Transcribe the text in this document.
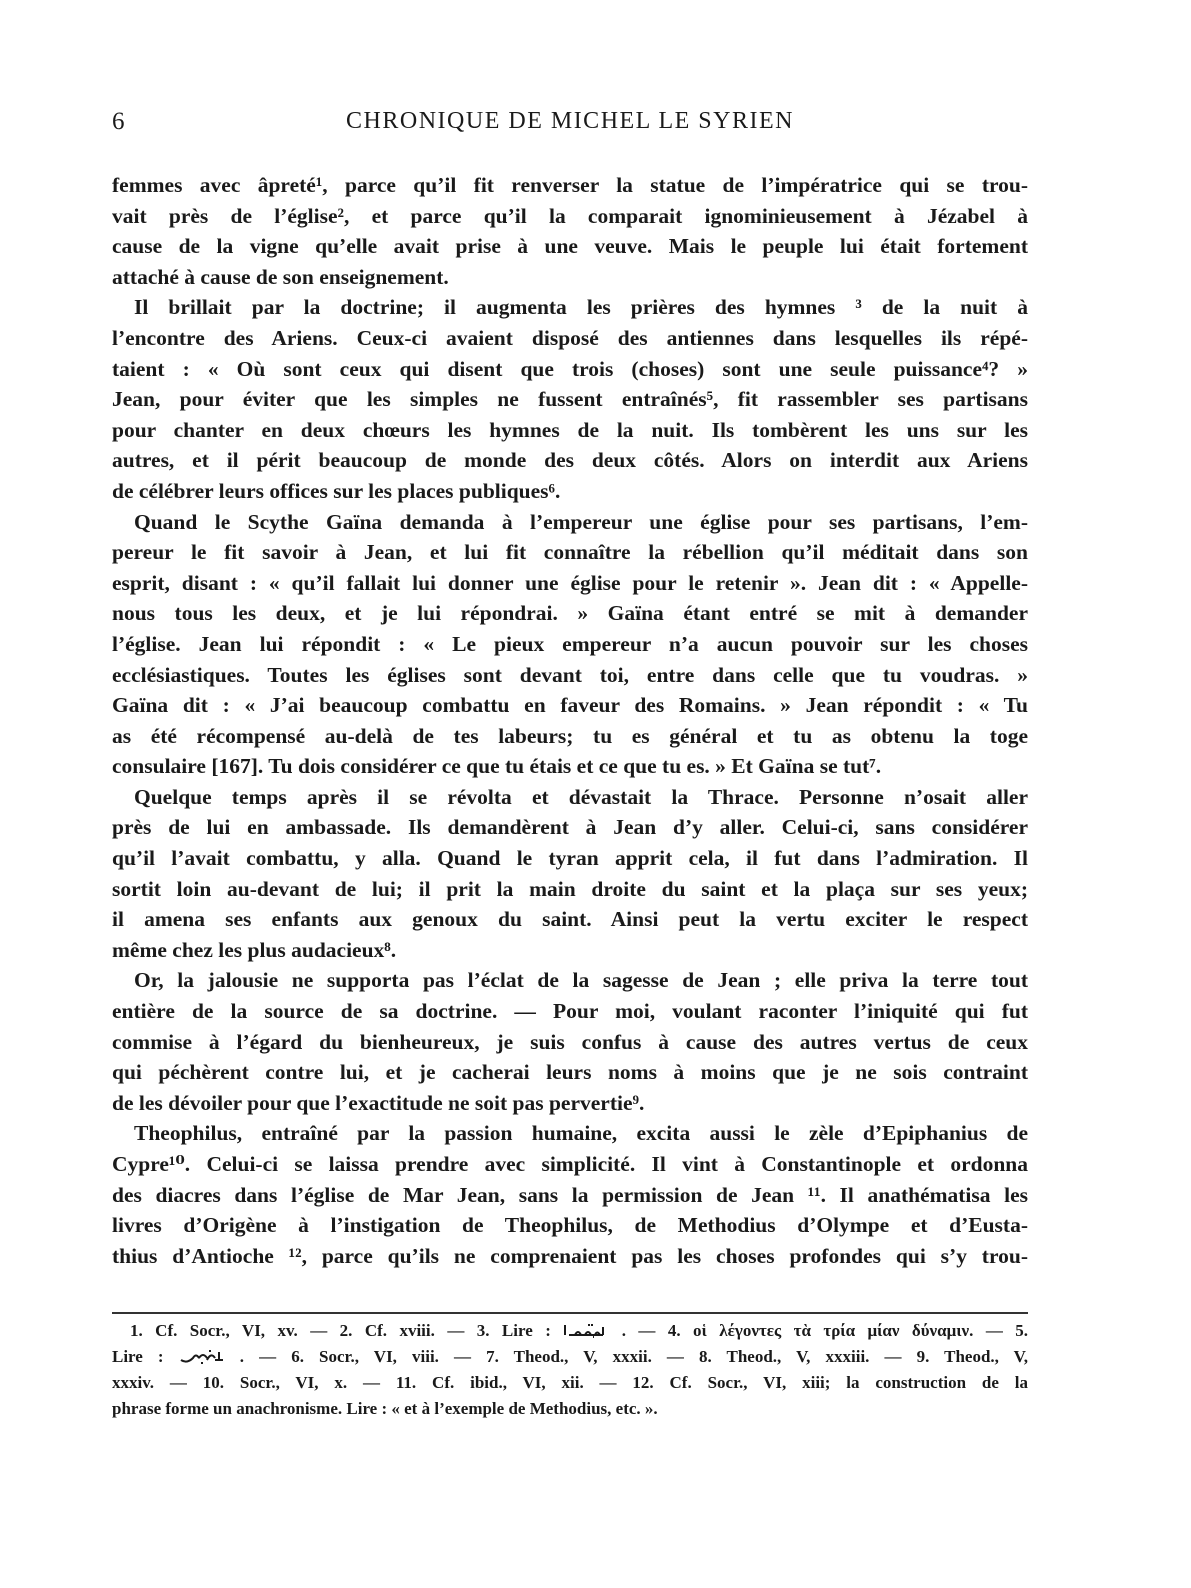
6	CHRONIQUE DE MICHEL LE SYRIEN
femmes avec âpreté¹, parce qu’il fit renverser la statue de l’impératrice qui se trou-
vait près de l’église², et parce qu’il la comparait ignominieusement à Jézabel à
cause de la vigne qu’elle avait prise à une veuve. Mais le peuple lui était fortement
attaché à cause de son enseignement.
Il brillait par la doctrine; il augmenta les prières des hymnes ³ de la nuit à
l’encontre des Ariens. Ceux-ci avaient disposé des antiennes dans lesquelles ils répé-
taient : « Où sont ceux qui disent que trois (choses) sont une seule puissance⁴? »
Jean, pour éviter que les simples ne fussent entraînés⁵, fit rassembler ses partisans
pour chanter en deux chœurs les hymnes de la nuit. Ils tombèrent les uns sur les
autres, et il périt beaucoup de monde des deux côtés. Alors on interdit aux Ariens
de célébrer leurs offices sur les places publiques⁶.
Quand le Scythe Gaïna demanda à l’empereur une église pour ses partisans, l’em-
pereur le fit savoir à Jean, et lui fit connaître la rébellion qu’il méditait dans son
esprit, disant : « qu’il fallait lui donner une église pour le retenir ». Jean dit : « Appelle-
nous tous les deux, et je lui répondrai. » Gaïna étant entré se mit à demander
l’église. Jean lui répondit : « Le pieux empereur n’a aucun pouvoir sur les choses
ecclésiastiques. Toutes les églises sont devant toi, entre dans celle que tu voudras. »
Gaïna dit : « J’ai beaucoup combattu en faveur des Romains. » Jean répondit : « Tu
as été récompensé au-delà de tes labeurs; tu es général et tu as obtenu la toge
consulaire [167]. Tu dois considérer ce que tu étais et ce que tu es. » Et Gaïna se tut⁷.
Quelque temps après il se révolta et dévastait la Thrace. Personne n’osait aller
près de lui en ambassade. Ils demandèrent à Jean d’y aller. Celui-ci, sans considérer
qu’il l’avait combattu, y alla. Quand le tyran apprit cela, il fut dans l’admiration. Il
sortit loin au-devant de lui; il prit la main droite du saint et la plaça sur ses yeux;
il amena ses enfants aux genoux du saint. Ainsi peut la vertu exciter le respect
même chez les plus audacieux⁸.
Or, la jalousie ne supporta pas l’éclat de la sagesse de Jean ; elle priva la terre tout
entière de la source de sa doctrine. — Pour moi, voulant raconter l’iniquité qui fut
commise à l’égard du bienheureux, je suis confus à cause des autres vertus de ceux
qui péchèrent contre lui, et je cacherai leurs noms à moins que je ne sois contraint
de les dévoiler pour que l’exactitude ne soit pas pervertie⁹.
Theophilus, entraîné par la passion humaine, excita aussi le zèle d’Epiphanius de
Cypre¹⁰. Celui-ci se laissa prendre avec simplicité. Il vint à Constantinople et ordonna
des diacres dans l’église de Mar Jean, sans la permission de Jean ¹¹. Il anathématisa les
livres d’Origène à l’instigation de Theophilus, de Methodius d’Olympe et d’Eusta-
thius d’Antioche ¹², parce qu’ils ne comprenaient pas les choses profondes qui s’y trou-
1. Cf. Socr., VI, xv. — 2. Cf. xviii. — 3. Lire :	. — 4. οἱ λέγοντες τὰ τρία μίαν δύναμιν. — 5.
Lire :	. — 6. Socr., VI, viii. — 7. Theod., V, xxxii. — 8. Theod., V, xxxiii. — 9. Theod., V,
xxxiv. — 10. Socr., VI, x. — 11. Cf. ibid., VI, xii. — 12. Cf. Socr., VI, xiii; la construction de la
phrase forme un anachronisme. Lire : « et à l’exemple de Methodius, etc. ».
